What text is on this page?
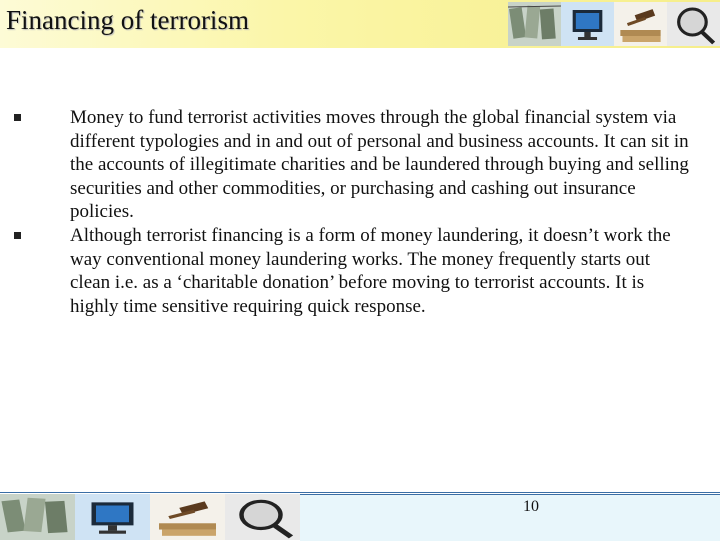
Financing of terrorism
Money to fund terrorist activities moves through the global financial system via different typologies and in and out of personal and business accounts. It can sit in the accounts of illegitimate charities and be laundered through buying and selling securities and other commodities, or purchasing and cashing out insurance policies.
Although terrorist financing is a form of money laundering, it doesn’t work the way conventional money laundering works. The money frequently starts out clean i.e. as a ‘charitable donation’ before moving to terrorist accounts. It is highly time sensitive requiring quick response.
10
